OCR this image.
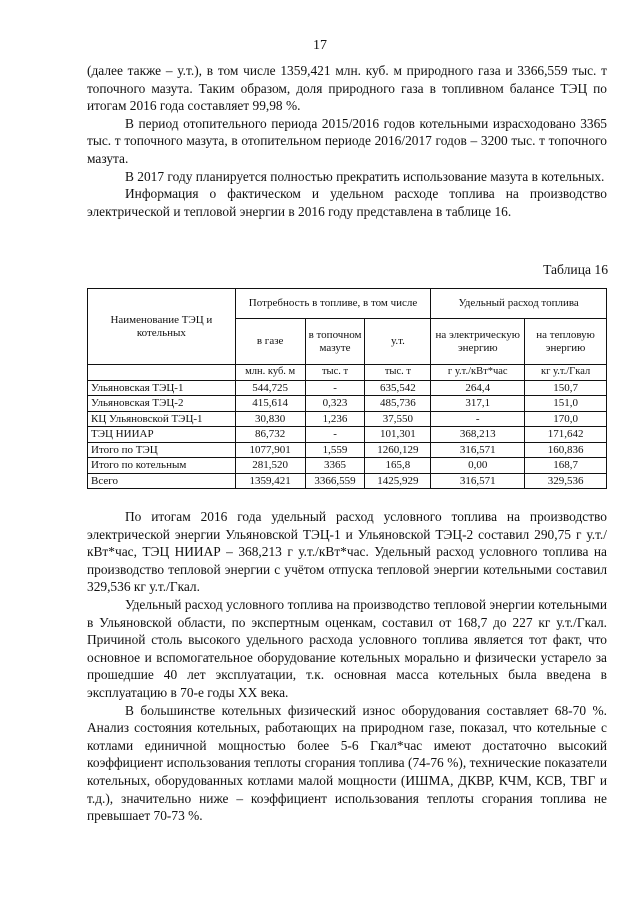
17

(далее также – у.т.), в том числе 1359,421 млн. куб. м природного газа и 3366,559 тыс. т топочного мазута. Таким образом, доля природного газа в топливном балансе ТЭЦ по итогам 2016 года составляет 99,98 %.

В период отопительного периода 2015/2016 годов котельными израсходовано 3365 тыс. т топочного мазута, в отопительном периоде 2016/2017 годов – 3200 тыс. т топочного мазута.

В 2017 году планируется полностью прекратить использование мазута в котельных.

Информация о фактическом и удельном расходе топлива на производство электрической и тепловой энергии в 2016 году представлена в таблице 16.

Таблица 16
Наименование ТЭЦ и котельных	Потребность в топливе, в том числе			Удельный расход топлива	
	в газе	в топочном мазуте	у.т.	на электрическую энергию	на тепловую энергию
	млн. куб. м	тыс. т	тыс. т	г у.т./кВт*час	кг у.т./Гкал
Ульяновская ТЭЦ-1	544,725	-	635,542	264,4	150,7
Ульяновская ТЭЦ-2	415,614	0,323	485,736	317,1	151,0
КЦ Ульяновской ТЭЦ-1	30,830	1,236	37,550	-	170,0
ТЭЦ НИИАР	86,732	-	101,301	368,213	171,642
Итого по ТЭЦ	1077,901	1,559	1260,129	316,571	160,836
Итого по котельным	281,520	3365	165,8	0,00	168,7
Всего	1359,421	3366,559	1425,929	316,571	329,536

По итогам 2016 года удельный расход условного топлива на производство электрической энергии Ульяновской ТЭЦ-1 и Ульяновской ТЭЦ-2 составил 290,75 г у.т./кВт*час, ТЭЦ НИИАР – 368,213 г у.т./кВт*час. Удельный расход условного топлива на производство тепловой энергии с учётом отпуска тепловой энергии котельными составил 329,536 кг у.т./Гкал.

Удельный расход условного топлива на производство тепловой энергии котельными в Ульяновской области, по экспертным оценкам, составил от 168,7 до 227 кг у.т./Гкал. Причиной столь высокого удельного расхода условного топлива является тот факт, что основное и вспомогательное оборудование котельных морально и физически устарело за прошедшие 40 лет эксплуатации, т.к. основная масса котельных была введена в эксплуатацию в 70-е годы XX века.

В большинстве котельных физический износ оборудования составляет 68-70 %. Анализ состояния котельных, работающих на природном газе, показал, что котельные с котлами единичной мощностью более 5-6 Гкал*час имеют достаточно высокий коэффициент использования теплоты сгорания топлива (74-76 %), технические показатели котельных, оборудованных котлами малой мощности (ИШМА, ДКВР, КЧМ, КСВ, ТВГ и т.д.), значительно ниже – коэффициент использования теплоты сгорания топлива не превышает 70-73 %.
